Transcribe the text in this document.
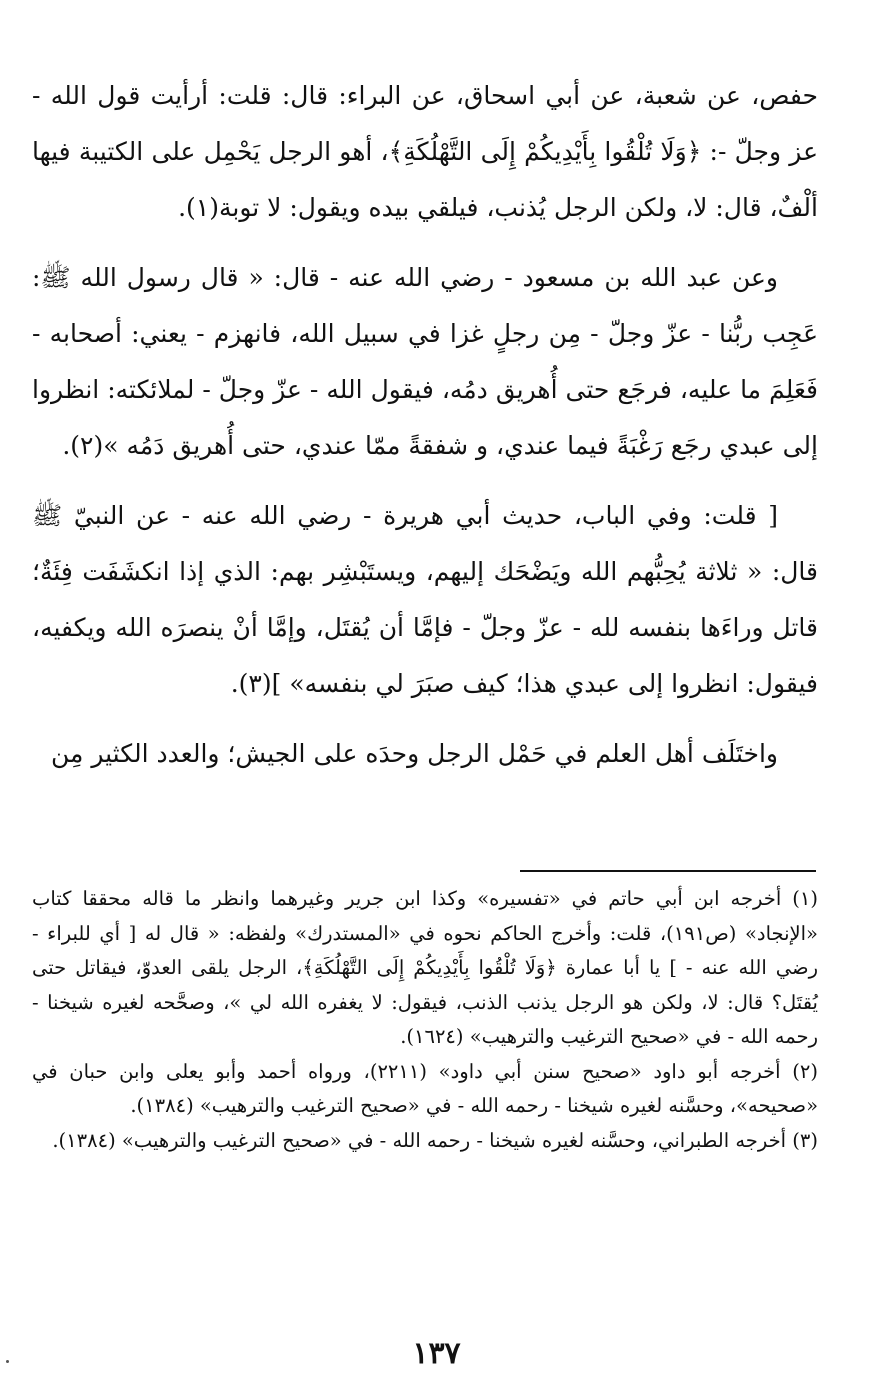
حفص، عن شعبة، عن أبي اسحاق، عن البراء: قال: قلت: أرأيت قول الله - عز وجلّ -: ﴿وَلَا تُلْقُوا بِأَيْدِيكُمْ إِلَى التَّهْلُكَةِ﴾، أهو الرجل يَحْمِل على الكتيبة فيها ألْفٌ، قال: لا، ولكن الرجل يُذنب، فيلقي بيده ويقول: لا توبة(١).

وعن عبد الله بن مسعود - رضي الله عنه - قال: « قال رسول الله ﷺ: عَجِب ربُّنا - عزّ وجلّ - مِن رجلٍ غزا في سبيل الله، فانهزم - يعني: أصحابه - فَعَلِمَ ما عليه، فرجَع حتى أُهريق دمُه، فيقول الله - عزّ وجلّ - لملائكته: انظروا إلى عبدي رجَع رَغْبَةً فيما عندي، و شفقةً ممّا عندي، حتى أُهريق دَمُه »(٢).

[ قلت: وفي الباب، حديث أبي هريرة - رضي الله عنه - عن النبيّ ﷺ قال: « ثلاثة يُحِبُّهم الله ويَضْحَك إليهم، ويستَبْشِر بهم: الذي إذا انكشَفَت فِئَةٌ؛ قاتل وراءَها بنفسه لله - عزّ وجلّ - فإمَّا أن يُقتَل، وإمَّا أنْ ينصرَه الله ويكفيه، فيقول: انظروا إلى عبدي هذا؛ كيف صبَرَ لي بنفسه» ](٣).

واختَلَف أهل العلم في حَمْل الرجل وحدَه على الجيش؛ والعدد الكثير مِن

(١) أخرجه ابن أبي حاتم في «تفسيره» وكذا ابن جرير وغيرهما وانظر ما قاله محققا كتاب «الإنجاد» (ص١٩١)، قلت: وأخرج الحاكم نحوه في «المستدرك» ولفظه: « قال له [ أي للبراء - رضي الله عنه - ] يا أبا عمارة ﴿وَلَا تُلْقُوا بِأَيْدِيكُمْ إِلَى التَّهْلُكَةِ﴾، الرجل يلقى العدوّ، فيقاتل حتى يُقتَل؟ قال: لا، ولكن هو الرجل يذنب الذنب، فيقول: لا يغفره الله لي »، وصحَّحه لغيره شيخنا - رحمه الله - في «صحيح الترغيب والترهيب» (١٦٢٤).

(٢) أخرجه أبو داود «صحيح سنن أبي داود» (٢٢١١)، ورواه أحمد وأبو يعلى وابن حبان في «صحيحه»، وحسَّنه لغيره شيخنا - رحمه الله - في «صحيح الترغيب والترهيب» (١٣٨٤).

(٣) أخرجه الطبراني، وحسَّنه لغيره شيخنا - رحمه الله - في «صحيح الترغيب والترهيب» (١٣٨٤).

١٣٧
